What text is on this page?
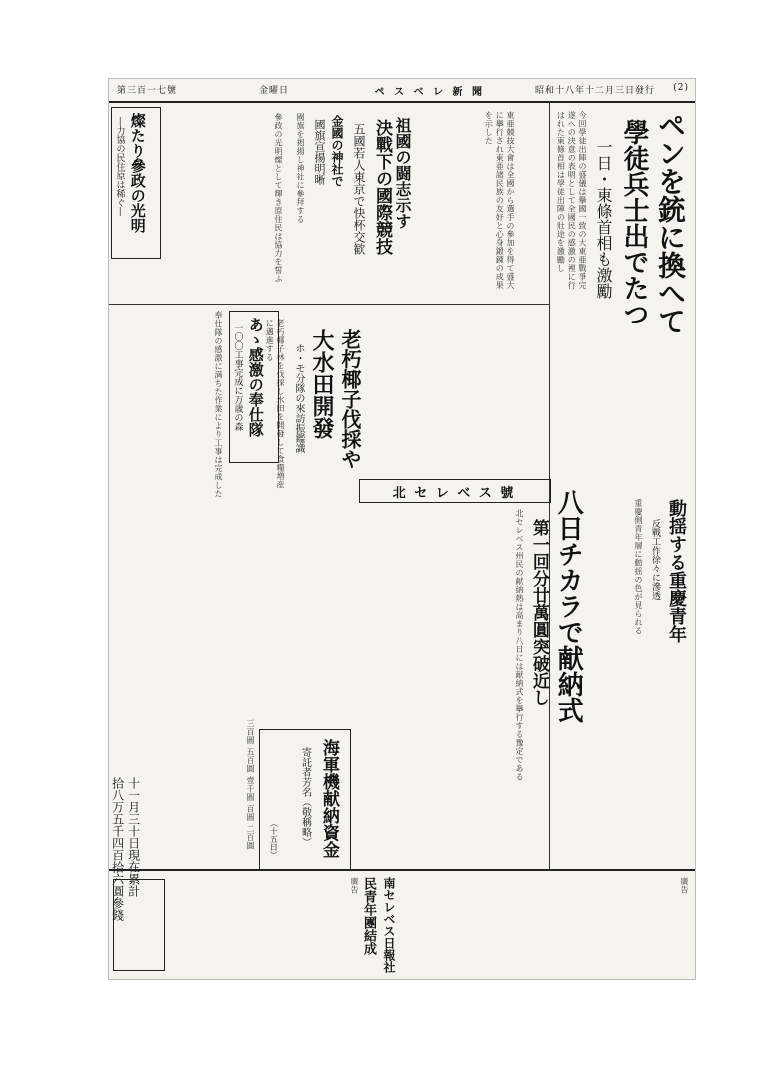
(2)
昭和十八年十二月三日發行
ペ ス ベ レ 新 聞
金曜日
第三百一七號
ペンを銃に換へて
學徒兵士出でたつ
一日・東條首相も激勵
今回學徒出陣の盛儀は擧國一致の大東亜戰爭完遂への決意の表明として全國民の感激の裡に行はれた東條首相は學徒出陣の壯途を激勵し
東亜競技大會は全國から選手の參加を得て盛大に擧行され東亜諸民族の友好と心身鍛錬の成果を示した
祖國の闘志示す
決戰下の國際競技
五國若人東京で快杯交歓
金國の神社で
國旗宣揚明晰
國旗を掲揚し神社に參拜する
老朽椰子伐採や
大水田開發
ホ・モ分隊の來訪振鑑識
老朽椰子林を伐採し水田を開發して食糧増産に邁進する
燦たり參政の光明
―力協の民住原は稀ぐ―	參政の光明燦として輝き原住民は協力を誓ふ
あゝ感激の奉仕隊
一〇〇工事完成に万歳の森
奉仕隊の感激に満ちた作業により工事は完成した
動揺する重慶青年
反戰工作徐々に滲透
重慶側青年層に動揺の色が見られる
北 セ レ ベ ス 號	八日チカラで献納式
第一回分廿萬圓突破近し
北セレベス州民の献納熱は高まり八日には献納式を擧行する豫定である
海軍機献納資金
寄託者芳名（敬稱略）
（十五日）
十一月三十日現在累計
拾八万五千四百拾六圓參錢	三百圓 五百圓 壹千圓 百圓 二百圓
南セレベス日報社
民青年團結成	廣告
廣告
